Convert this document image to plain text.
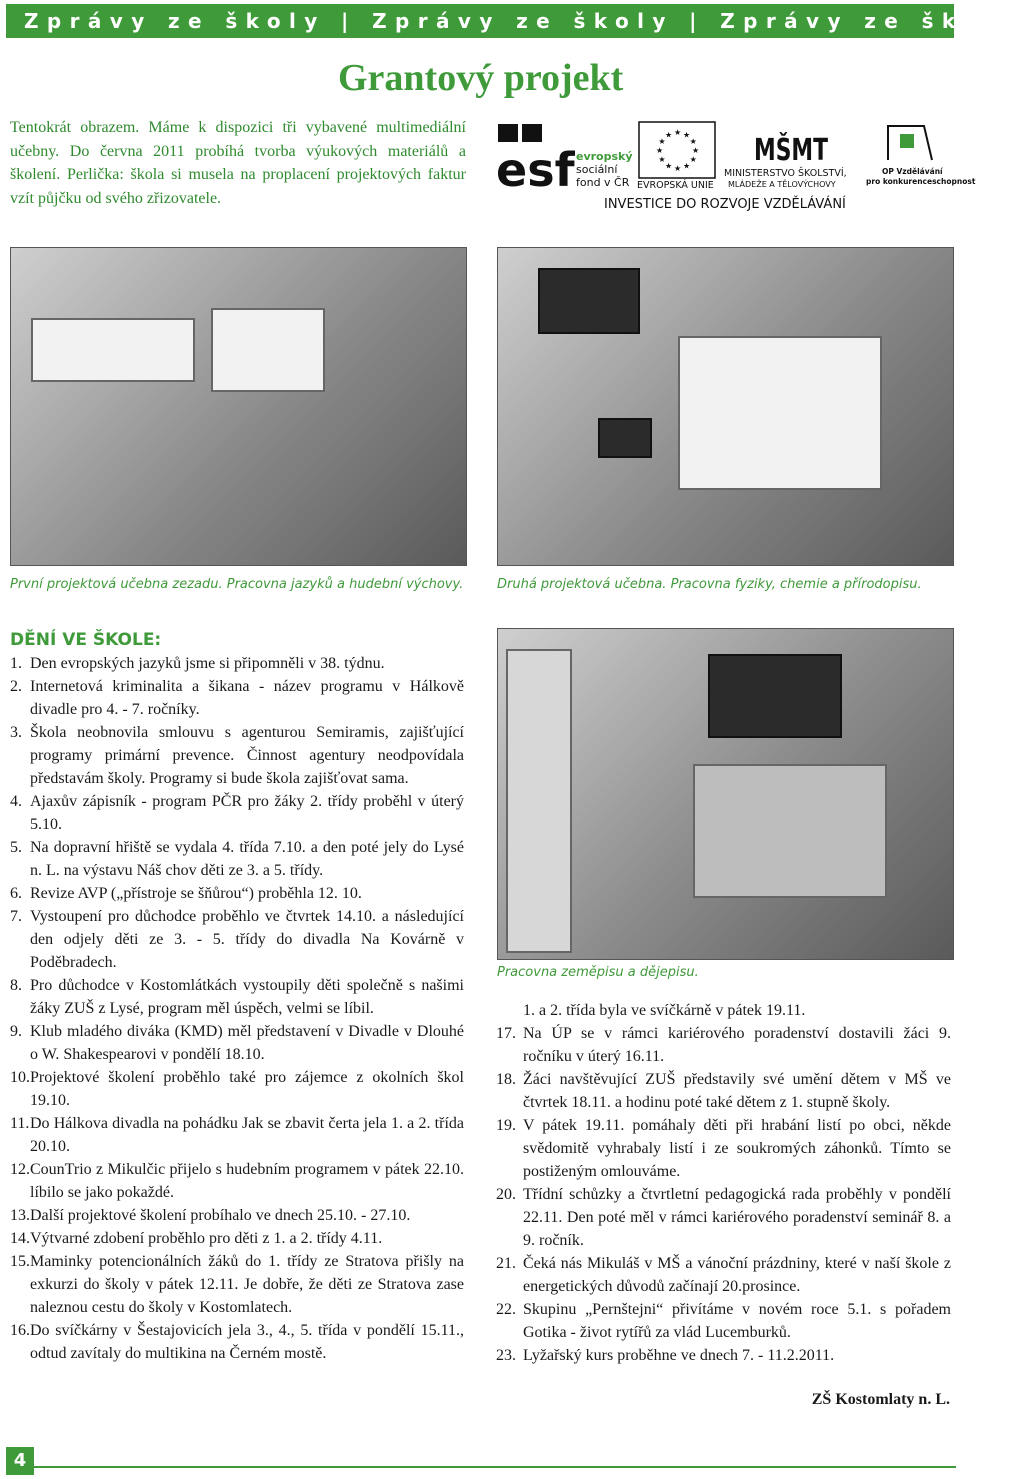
Zprávy ze školy | Zprávy ze školy | Zprávy ze školy
Grantový projekt
Tentokrát obrazem. Máme k dispozici tři vybavené multimediální učebny. Do června 2011 probíhá tvorba výukových materiálů a školení. Perlička: škola si musela na proplacení projektových faktur vzít půjčku od svého zřizovatele.
esf evropský
sociální
fond v ČR
★ ★
★
★
★
★
★
★
★
★
★
★
EVROPSKÁ UNIE
MŠMT
MINISTERSTVO ŠKOLSTVÍ,
MLÁDEŽE A TĚLOVÝCHOVY
OP Vzdělávání
pro konkurenceschopnost
INVESTICE DO ROZVOJE VZDĚLÁVÁNÍ
První projektová učebna zezadu. Pracovna jazyků a hudební výchovy.	Druhá projektová učebna. Pracovna fyziky, chemie a přírodopisu.
Pracovna zeměpisu a dějepisu.
DĚNÍ VE ŠKOLE:
1. Den evropských jazyků jsme si připomněli v 38. týdnu.
2. Internetová kriminalita a šikana - název programu v Hálkově divadle pro 4. - 7. ročníky.
3. Škola neobnovila smlouvu s agenturou Semiramis, zajišťující programy primární prevence. Činnost agentury neodpovídala představám školy. Programy si bude škola zajišťovat sama.
4. Ajaxův zápisník - program PČR pro žáky 2. třídy proběhl v úterý 5.10.
5. Na dopravní hřiště se vydala 4. třída 7.10. a den poté jely do Lysé n. L. na výstavu Náš chov děti ze 3. a 5. třídy.
6. Revize AVP („přístroje se šňůrou“) proběhla 12. 10.
7. Vystoupení pro důchodce proběhlo ve čtvrtek 14.10. a následující den odjely děti ze 3. - 5. třídy do divadla Na Kovárně v Poděbradech.
8. Pro důchodce v Kostomlátkách vystoupily děti společně s našimi žáky ZUŠ z Lysé, program měl úspěch, velmi se líbil.
9. Klub mladého diváka (KMD) měl představení v Divadle v Dlouhé o W. Shakespearovi v pondělí 18.10.
10. Projektové školení proběhlo také pro zájemce z okolních škol 19.10.
11. Do Hálkova divadla na pohádku Jak se zbavit čerta jela 1. a 2. třída 20.10.
12. CounTrio z Mikulčic přijelo s hudebním programem v pátek 22.10. líbilo se jako pokaždé.
13. Další projektové školení probíhalo ve dnech 25.10. - 27.10.
14. Výtvarné zdobení proběhlo pro děti z 1. a 2. třídy 4.11.
15. Maminky potencionálních žáků do 1. třídy ze Stratova přišly na exkurzi do školy v pátek 12.11. Je dobře, že děti ze Stratova zase naleznou cestu do školy v Kostomlatech.
16. Do svíčkárny v Šestajovicích jela 3., 4., 5. třída v pondělí 15.11., odtud zavítaly do multikina na Černém mostě.
1. a 2. třída byla ve svíčkárně v pátek 19.11.
17. Na ÚP se v rámci kariérového poradenství dostavili žáci 9. ročníku v úterý 16.11.
18. Žáci navštěvující ZUŠ představily své umění dětem v MŠ ve čtvrtek 18.11. a hodinu poté také dětem z 1. stupně školy.
19. V pátek 19.11. pomáhaly děti při hrabání listí po obci, někde svědomitě vyhrabaly listí i ze soukromých záhonků. Tímto se postiženým omlouváme.
20. Třídní schůzky a čtvrtletní pedagogická rada proběhly v pondělí 22.11. Den poté měl v rámci kariérového poradenství seminář 8. a 9. ročník.
21. Čeká nás Mikuláš v MŠ a vánoční prázdniny, které v naší škole z energetických důvodů začínají 20.prosince.
22. Skupinu „Pernštejni“ přivítáme v novém roce 5.1. s pořadem Gotika - život rytířů za vlád Lucemburků.
23. Lyžařský kurs proběhne ve dnech 7. - 11.2.2011.
ZŠ Kostomlaty n. L.
4
